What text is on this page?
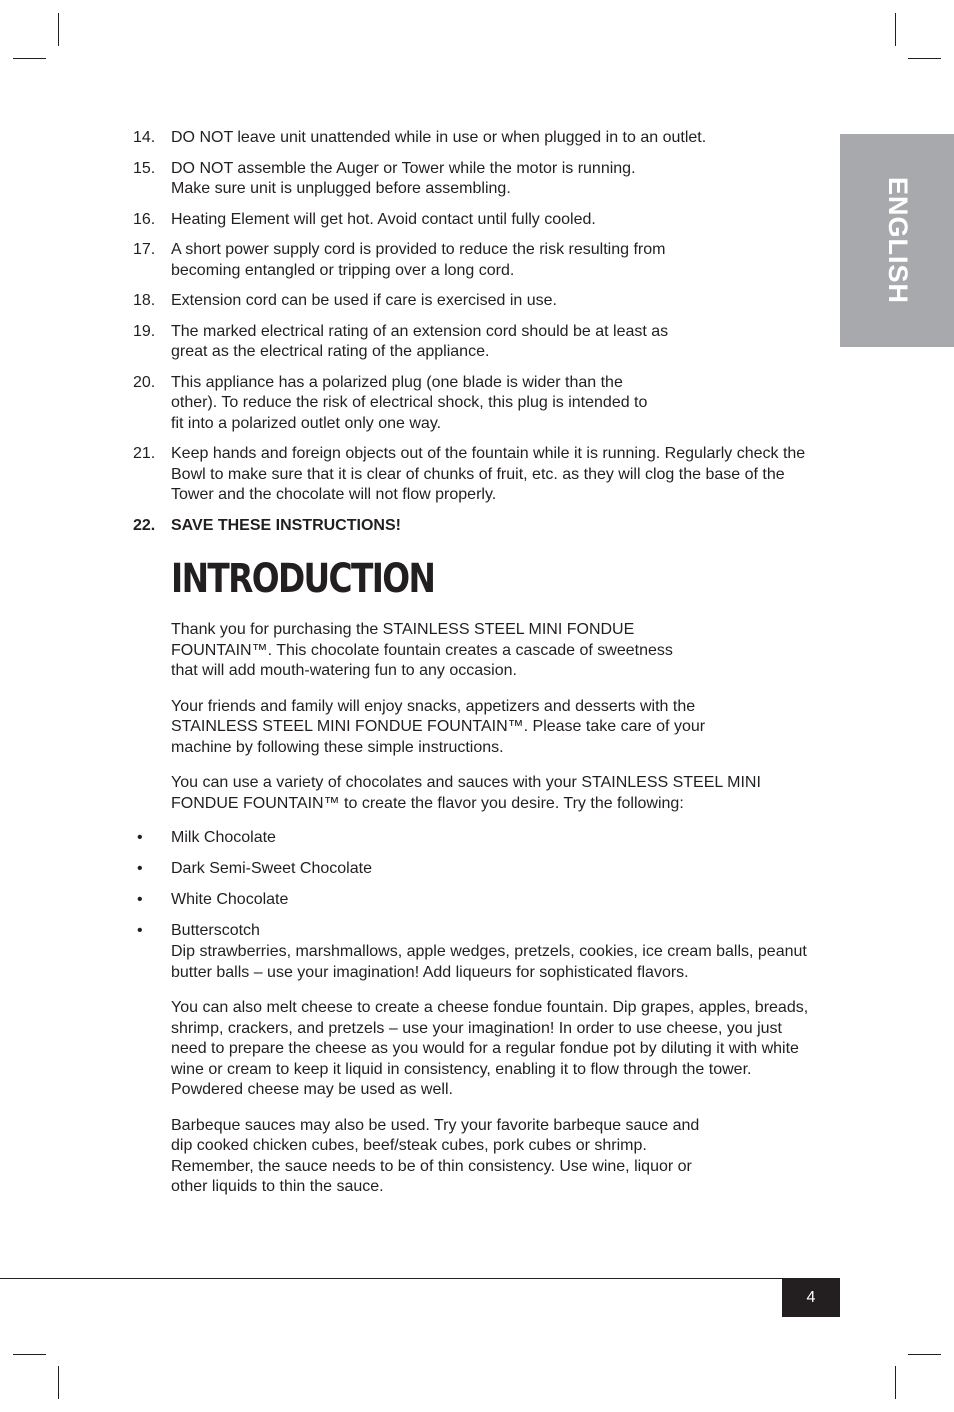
ENGLISH
14. DO NOT leave unit unattended while in use or when plugged in to an outlet.
15. DO NOT assemble the Auger or Tower while the motor is running. Make sure unit is unplugged before assembling.
16. Heating Element will get hot. Avoid contact until fully cooled.
17. A short power supply cord is provided to reduce the risk resulting from becoming entangled or tripping over a long cord.
18. Extension cord can be used if care is exercised in use.
19. The marked electrical rating of an extension cord should be at least as great as the electrical rating of the appliance.
20. This appliance has a polarized plug (one blade is wider than the other). To reduce the risk of electrical shock, this plug is intended to fit into a polarized outlet only one way.
21. Keep hands and foreign objects out of the fountain while it is running. Regularly check the Bowl to make sure that it is clear of chunks of fruit, etc. as they will clog the base of the Tower and the chocolate will not flow properly.
22. SAVE THESE INSTRUCTIONS!
INTRODUCTION

Thank you for purchasing the STAINLESS STEEL MINI FONDUE FOUNTAIN™. This chocolate fountain creates a cascade of sweetness that will add mouth-watering fun to any occasion.

Your friends and family will enjoy snacks, appetizers and desserts with the STAINLESS STEEL MINI FONDUE FOUNTAIN™. Please take care of your machine by following these simple instructions.

You can use a variety of chocolates and sauces with your STAINLESS STEEL MINI FONDUE FOUNTAIN™ to create the flavor you desire. Try the following:

•	Milk Chocolate
•	Dark Semi-Sweet Chocolate
•	White Chocolate
•	Butterscotch

Dip strawberries, marshmallows, apple wedges, pretzels, cookies, ice cream balls, peanut butter balls – use your imagination! Add liqueurs for sophisticated flavors.

You can also melt cheese to create a cheese fondue fountain. Dip grapes, apples, breads, shrimp, crackers, and pretzels – use your imagination! In order to use cheese, you just need to prepare the cheese as you would for a regular fondue pot by diluting it with white wine or cream to keep it liquid in consistency, enabling it to flow through the tower. Powdered cheese may be used as well.

Barbeque sauces may also be used. Try your favorite barbeque sauce and dip cooked chicken cubes, beef/steak cubes, pork cubes or shrimp. Remember, the sauce needs to be of thin consistency. Use wine, liquor or other liquids to thin the sauce.

4
